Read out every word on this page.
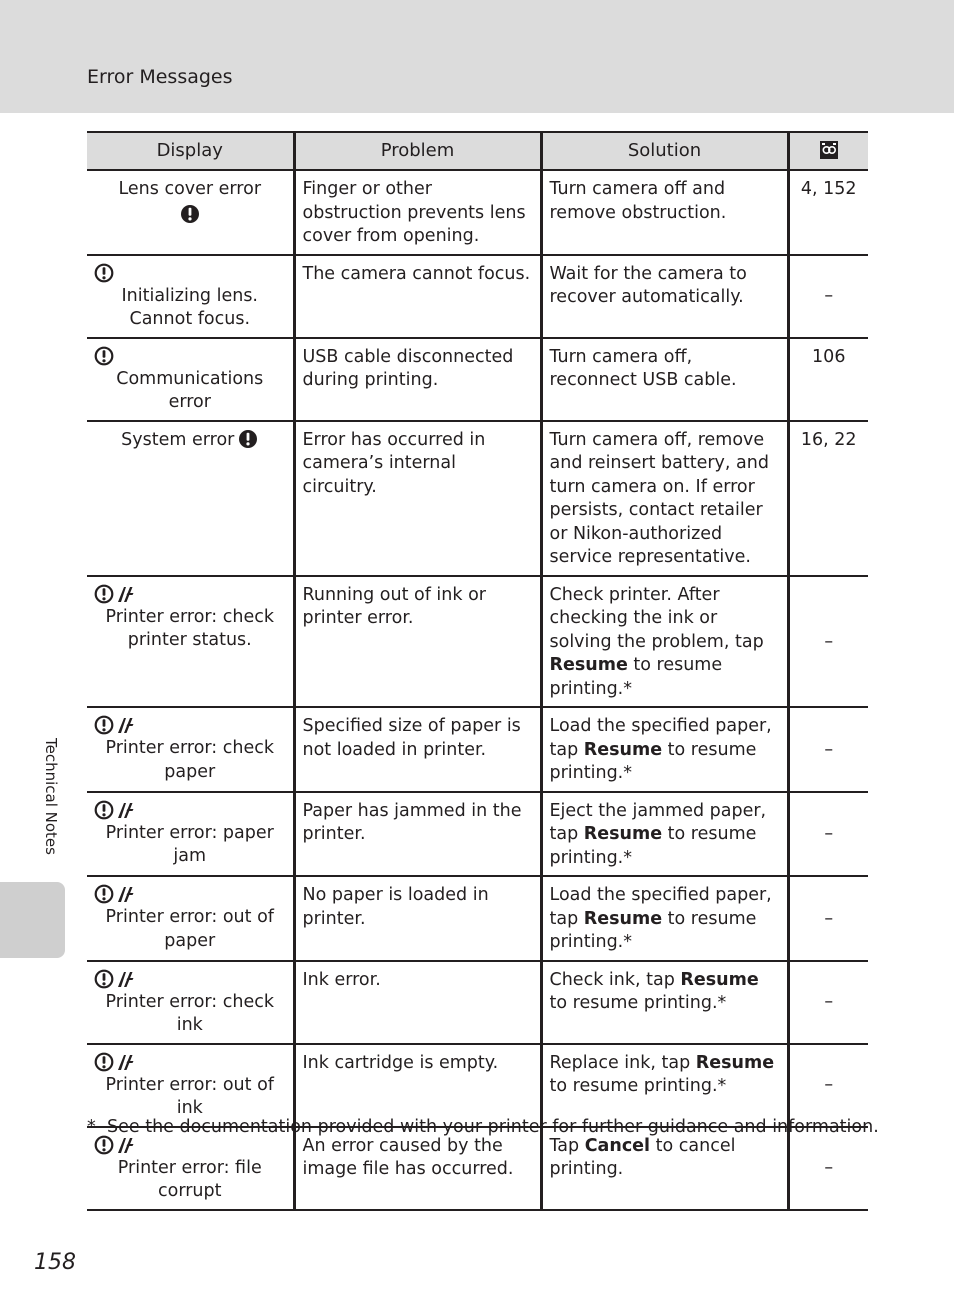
Error Messages
Technical Notes
Display	Problem	Solution	

Lens cover error	Finger or other obstruction prevents lens cover from opening.	Turn camera off and remove obstruction.	4, 152

Initializing lens. Cannot focus.	The camera cannot focus.	Wait for the camera to recover automatically.	–

Communications error	USB cable disconnected during printing.	Turn camera off, reconnect USB cable.	106
System error	Error has occurred in camera’s internal circuitry.	Turn camera off, remove and reinsert battery, and turn camera on. If error persists, contact retailer or Nikon-authorized service representative.	16, 22

Printer error: check printer status.	Running out of ink or printer error.	Check printer. After checking the ink or solving the problem, tap Resume to resume printing.*	–

Printer error: check paper	Specified size of paper is not loaded in printer.	Load the specified paper, tap Resume to resume printing.*	–

Printer error: paper jam	Paper has jammed in the printer.	Eject the jammed paper, tap Resume to resume printing.*	–

Printer error: out of paper	No paper is loaded in printer.	Load the specified paper, tap Resume to resume printing.*	–

Printer error: check ink	Ink error.	Check ink, tap Resume to resume printing.*	–

Printer error: out of ink	Ink cartridge is empty.	Replace ink, tap Resume to resume printing.*	–

Printer error: file corrupt	An error caused by the image file has occurred.	Tap Cancel to cancel printing.	–
* See the documentation provided with your printer for further guidance and information.
158
